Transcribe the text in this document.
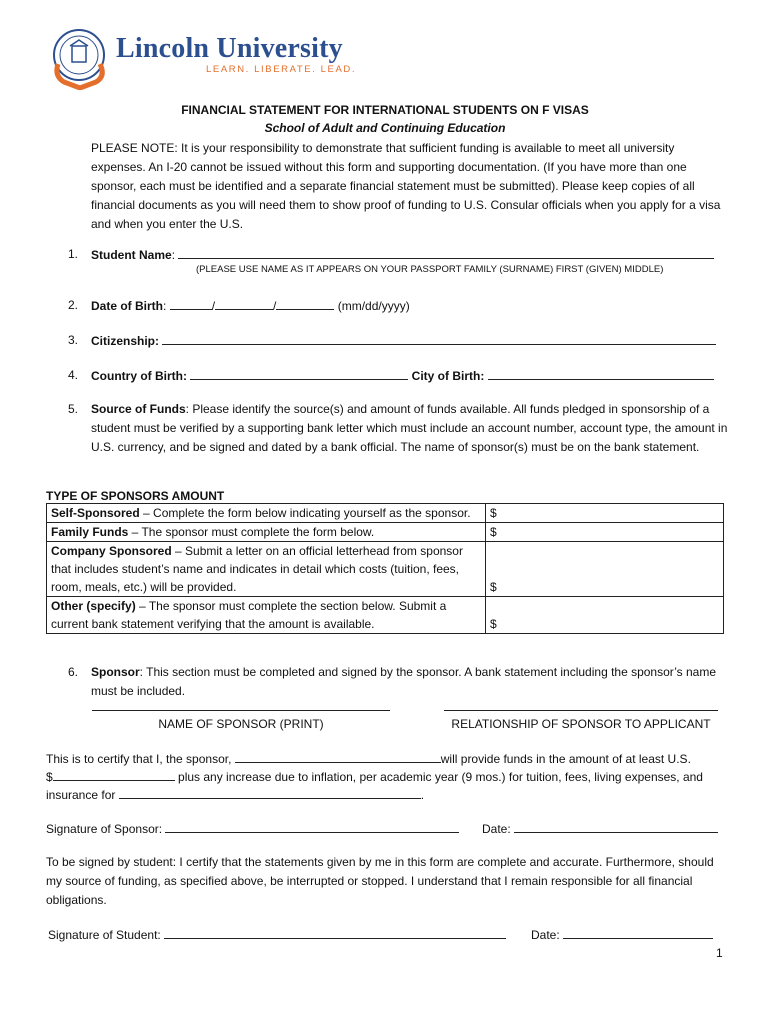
Lincoln University
LEARN. LIBERATE. LEAD.
FINANCIAL STATEMENT FOR INTERNATIONAL STUDENTS ON F VISAS
School of Adult and Continuing Education
PLEASE NOTE: It is your responsibility to demonstrate that sufficient funding is available to meet all university expenses. An I-20 cannot be issued without this form and supporting documentation. (If you have more than one sponsor, each must be identified and a separate financial statement must be submitted). Please keep copies of all financial documents as you will need them to show proof of funding to U.S. Consular officials when you apply for a visa and when you enter the U.S.
1. Student Name:
(PLEASE USE NAME AS IT APPEARS ON YOUR PASSPORT FAMILY (SURNAME) FIRST (GIVEN) MIDDLE)
2. Date of Birth:	/	/	(mm/dd/yyyy)
3. Citizenship:
4. Country of Birth:	City of Birth:
5. Source of Funds: Please identify the source(s) and amount of funds available. All funds pledged in sponsorship of a student must be verified by a supporting bank letter which must include an account number, account type, the amount in U.S. currency, and be signed and dated by a bank official. The name of sponsor(s) must be on the bank statement.
TYPE OF SPONSORS AMOUNT
Self-Sponsored – Complete the form below indicating yourself as the sponsor.	$
Family Funds – The sponsor must complete the form below.	$
Company Sponsored – Submit a letter on an official letterhead from sponsor that includes student’s name and indicates in detail which costs (tuition, fees, room, meals, etc.) will be provided.	$
Other (specify) – The sponsor must complete the section below. Submit a current bank statement verifying that the amount is available.	$
6. Sponsor: This section must be completed and signed by the sponsor. A bank statement including the sponsor’s name must be included.
NAME OF SPONSOR (PRINT)	RELATIONSHIP OF SPONSOR TO APPLICANT
This is to certify that I, the sponsor,	will provide funds in the amount of at least U.S.
$	plus any increase due to inflation, per academic year (9 mos.) for tuition, fees, living expenses, and
insurance for	.
Signature of Sponsor:	Date:
To be signed by student: I certify that the statements given by me in this form are complete and accurate. Furthermore, should my source of funding, as specified above, be interrupted or stopped. I understand that I remain responsible for all financial obligations.
Signature of Student:	Date:
1
